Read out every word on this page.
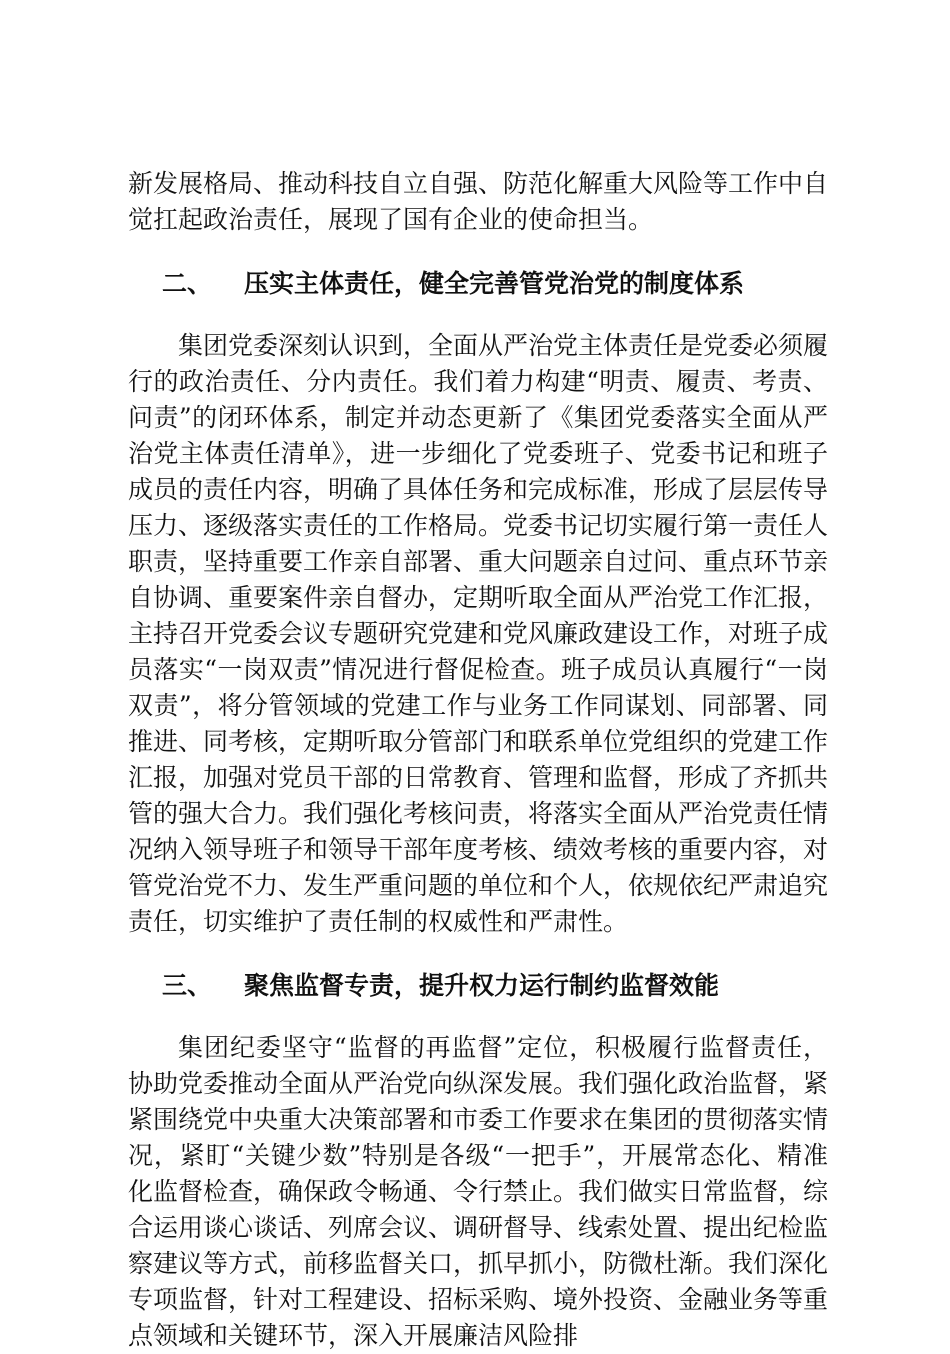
新发展格局、推动科技自立自强、防范化解重大风险等工作中自觉扛起政治责任，展现了国有企业的使命担当。

二、 压实主体责任，健全完善管党治党的制度体系

集团党委深刻认识到，全面从严治党主体责任是党委必须履行的政治责任、分内责任。我们着力构建“明责、履责、考责、问责”的闭环体系，制定并动态更新了《集团党委落实全面从严治党主体责任清单》，进一步细化了党委班子、党委书记和班子成员的责任内容，明确了具体任务和完成标准，形成了层层传导压力、逐级落实责任的工作格局。党委书记切实履行第一责任人职责，坚持重要工作亲自部署、重大问题亲自过问、重点环节亲自协调、重要案件亲自督办，定期听取全面从严治党工作汇报，主持召开党委会议专题研究党建和党风廉政建设工作，对班子成员落实“一岗双责”情况进行督促检查。班子成员认真履行“一岗双责”，将分管领域的党建工作与业务工作同谋划、同部署、同推进、同考核，定期听取分管部门和联系单位党组织的党建工作汇报，加强对党员干部的日常教育、管理和监督，形成了齐抓共管的强大合力。我们强化考核问责，将落实全面从严治党责任情况纳入领导班子和领导干部年度考核、绩效考核的重要内容，对管党治党不力、发生严重问题的单位和个人，依规依纪严肃追究责任，切实维护了责任制的权威性和严肃性。

三、 聚焦监督专责，提升权力运行制约监督效能

集团纪委坚守“监督的再监督”定位，积极履行监督责任，协助党委推动全面从严治党向纵深发展。我们强化政治监督，紧紧围绕党中央重大决策部署和市委工作要求在集团的贯彻落实情况，紧盯“关键少数”特别是各级“一把手”，开展常态化、精准化监督检查，确保政令畅通、令行禁止。我们做实日常监督，综合运用谈心谈话、列席会议、调研督导、线索处置、提出纪检监察建议等方式，前移监督关口，抓早抓小，防微杜渐。我们深化专项监督，针对工程建设、招标采购、境外投资、金融业务等重点领域和关键环节，深入开展廉洁风险排
